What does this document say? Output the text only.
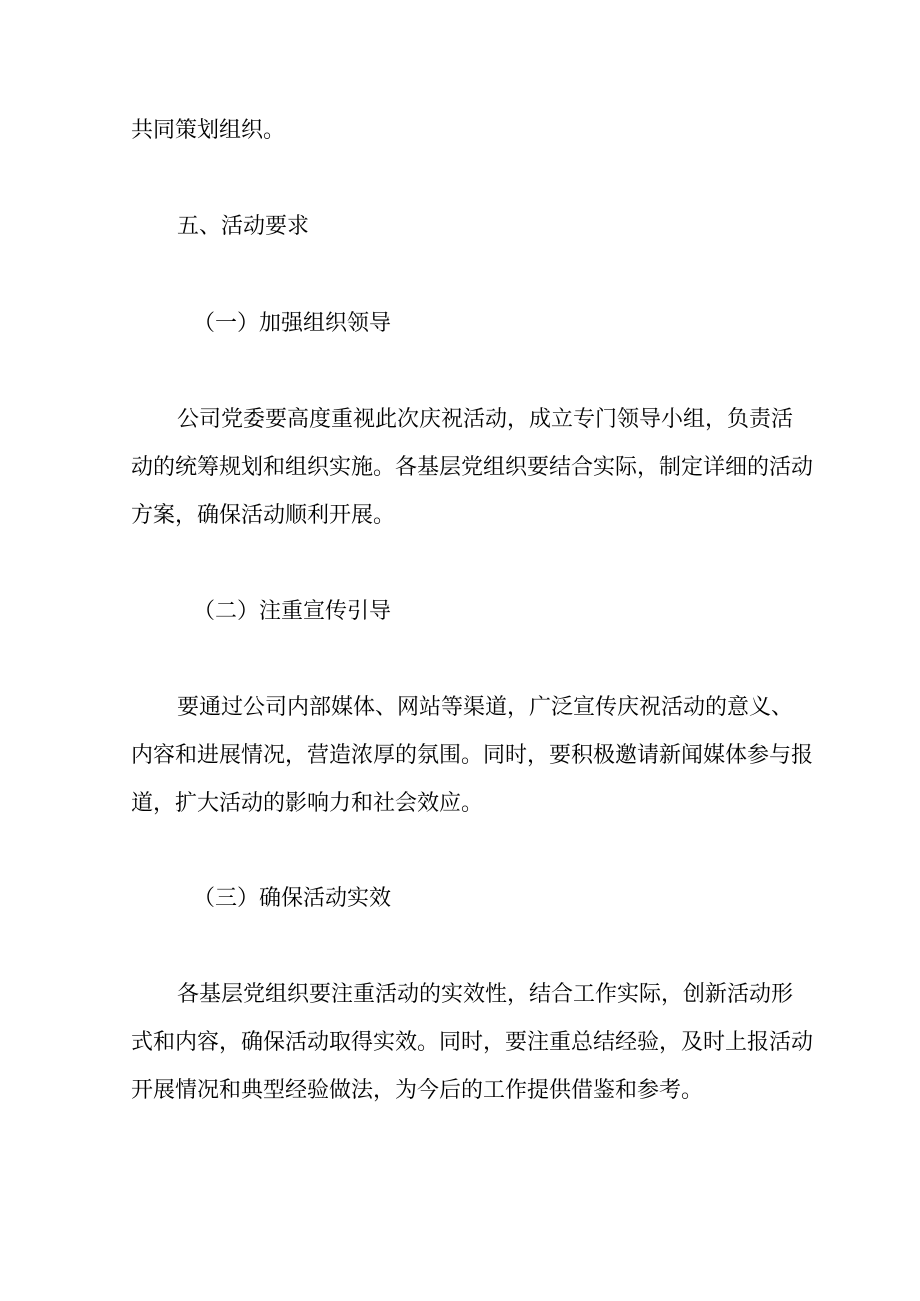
共同策划组织。
五、活动要求
（一）加强组织领导
公司党委要高度重视此次庆祝活动，成立专门领导小组，负责活
动的统筹规划和组织实施。各基层党组织要结合实际，制定详细的活动
方案，确保活动顺利开展。
（二）注重宣传引导
要通过公司内部媒体、网站等渠道，广泛宣传庆祝活动的意义、
内容和进展情况，营造浓厚的氛围。同时，要积极邀请新闻媒体参与报
道，扩大活动的影响力和社会效应。
（三）确保活动实效
各基层党组织要注重活动的实效性，结合工作实际，创新活动形
式和内容，确保活动取得实效。同时，要注重总结经验，及时上报活动
开展情况和典型经验做法，为今后的工作提供借鉴和参考。
